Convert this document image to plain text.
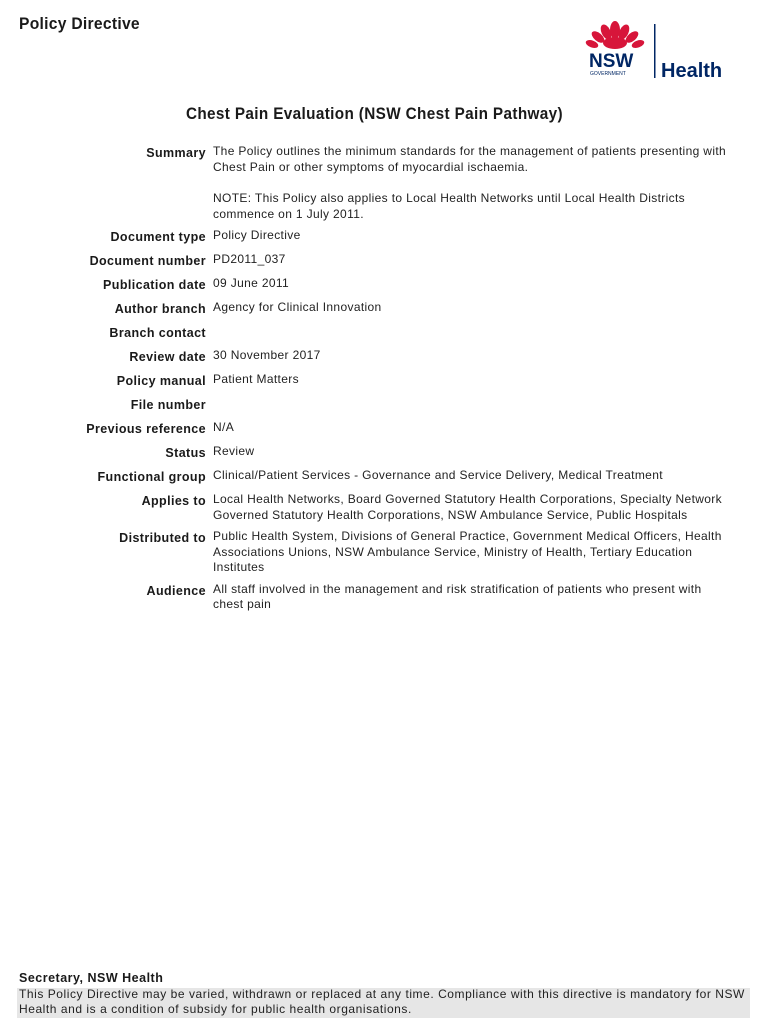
Policy Directive
NSW
GOVERNMENT Health
Chest Pain Evaluation (NSW Chest Pain Pathway)
Summary The Policy outlines the minimum standards for the management of patients presenting with Chest Pain or other symptoms of myocardial ischaemia.

NOTE: This Policy also applies to Local Health Networks until Local Health Districts commence on 1 July 2011.

Document type Policy Directive
Document number PD2011_037
Publication date 09 June 2011
Author branch Agency for Clinical Innovation
Branch contact
Review date 30 November 2017
Policy manual Patient Matters
File number
Previous reference N/A
Status Review
Functional group Clinical/Patient Services - Governance and Service Delivery, Medical Treatment
Applies to Local Health Networks, Board Governed Statutory Health Corporations, Specialty Network Governed Statutory Health Corporations, NSW Ambulance Service, Public Hospitals
Distributed to Public Health System, Divisions of General Practice, Government Medical Officers, Health Associations Unions, NSW Ambulance Service, Ministry of Health, Tertiary Education Institutes
Audience All staff involved in the management and risk stratification of patients who present with chest pain
Secretary, NSW Health
This Policy Directive may be varied, withdrawn or replaced at any time. Compliance with this directive is mandatory for NSW Health and is a condition of subsidy for public health organisations.
